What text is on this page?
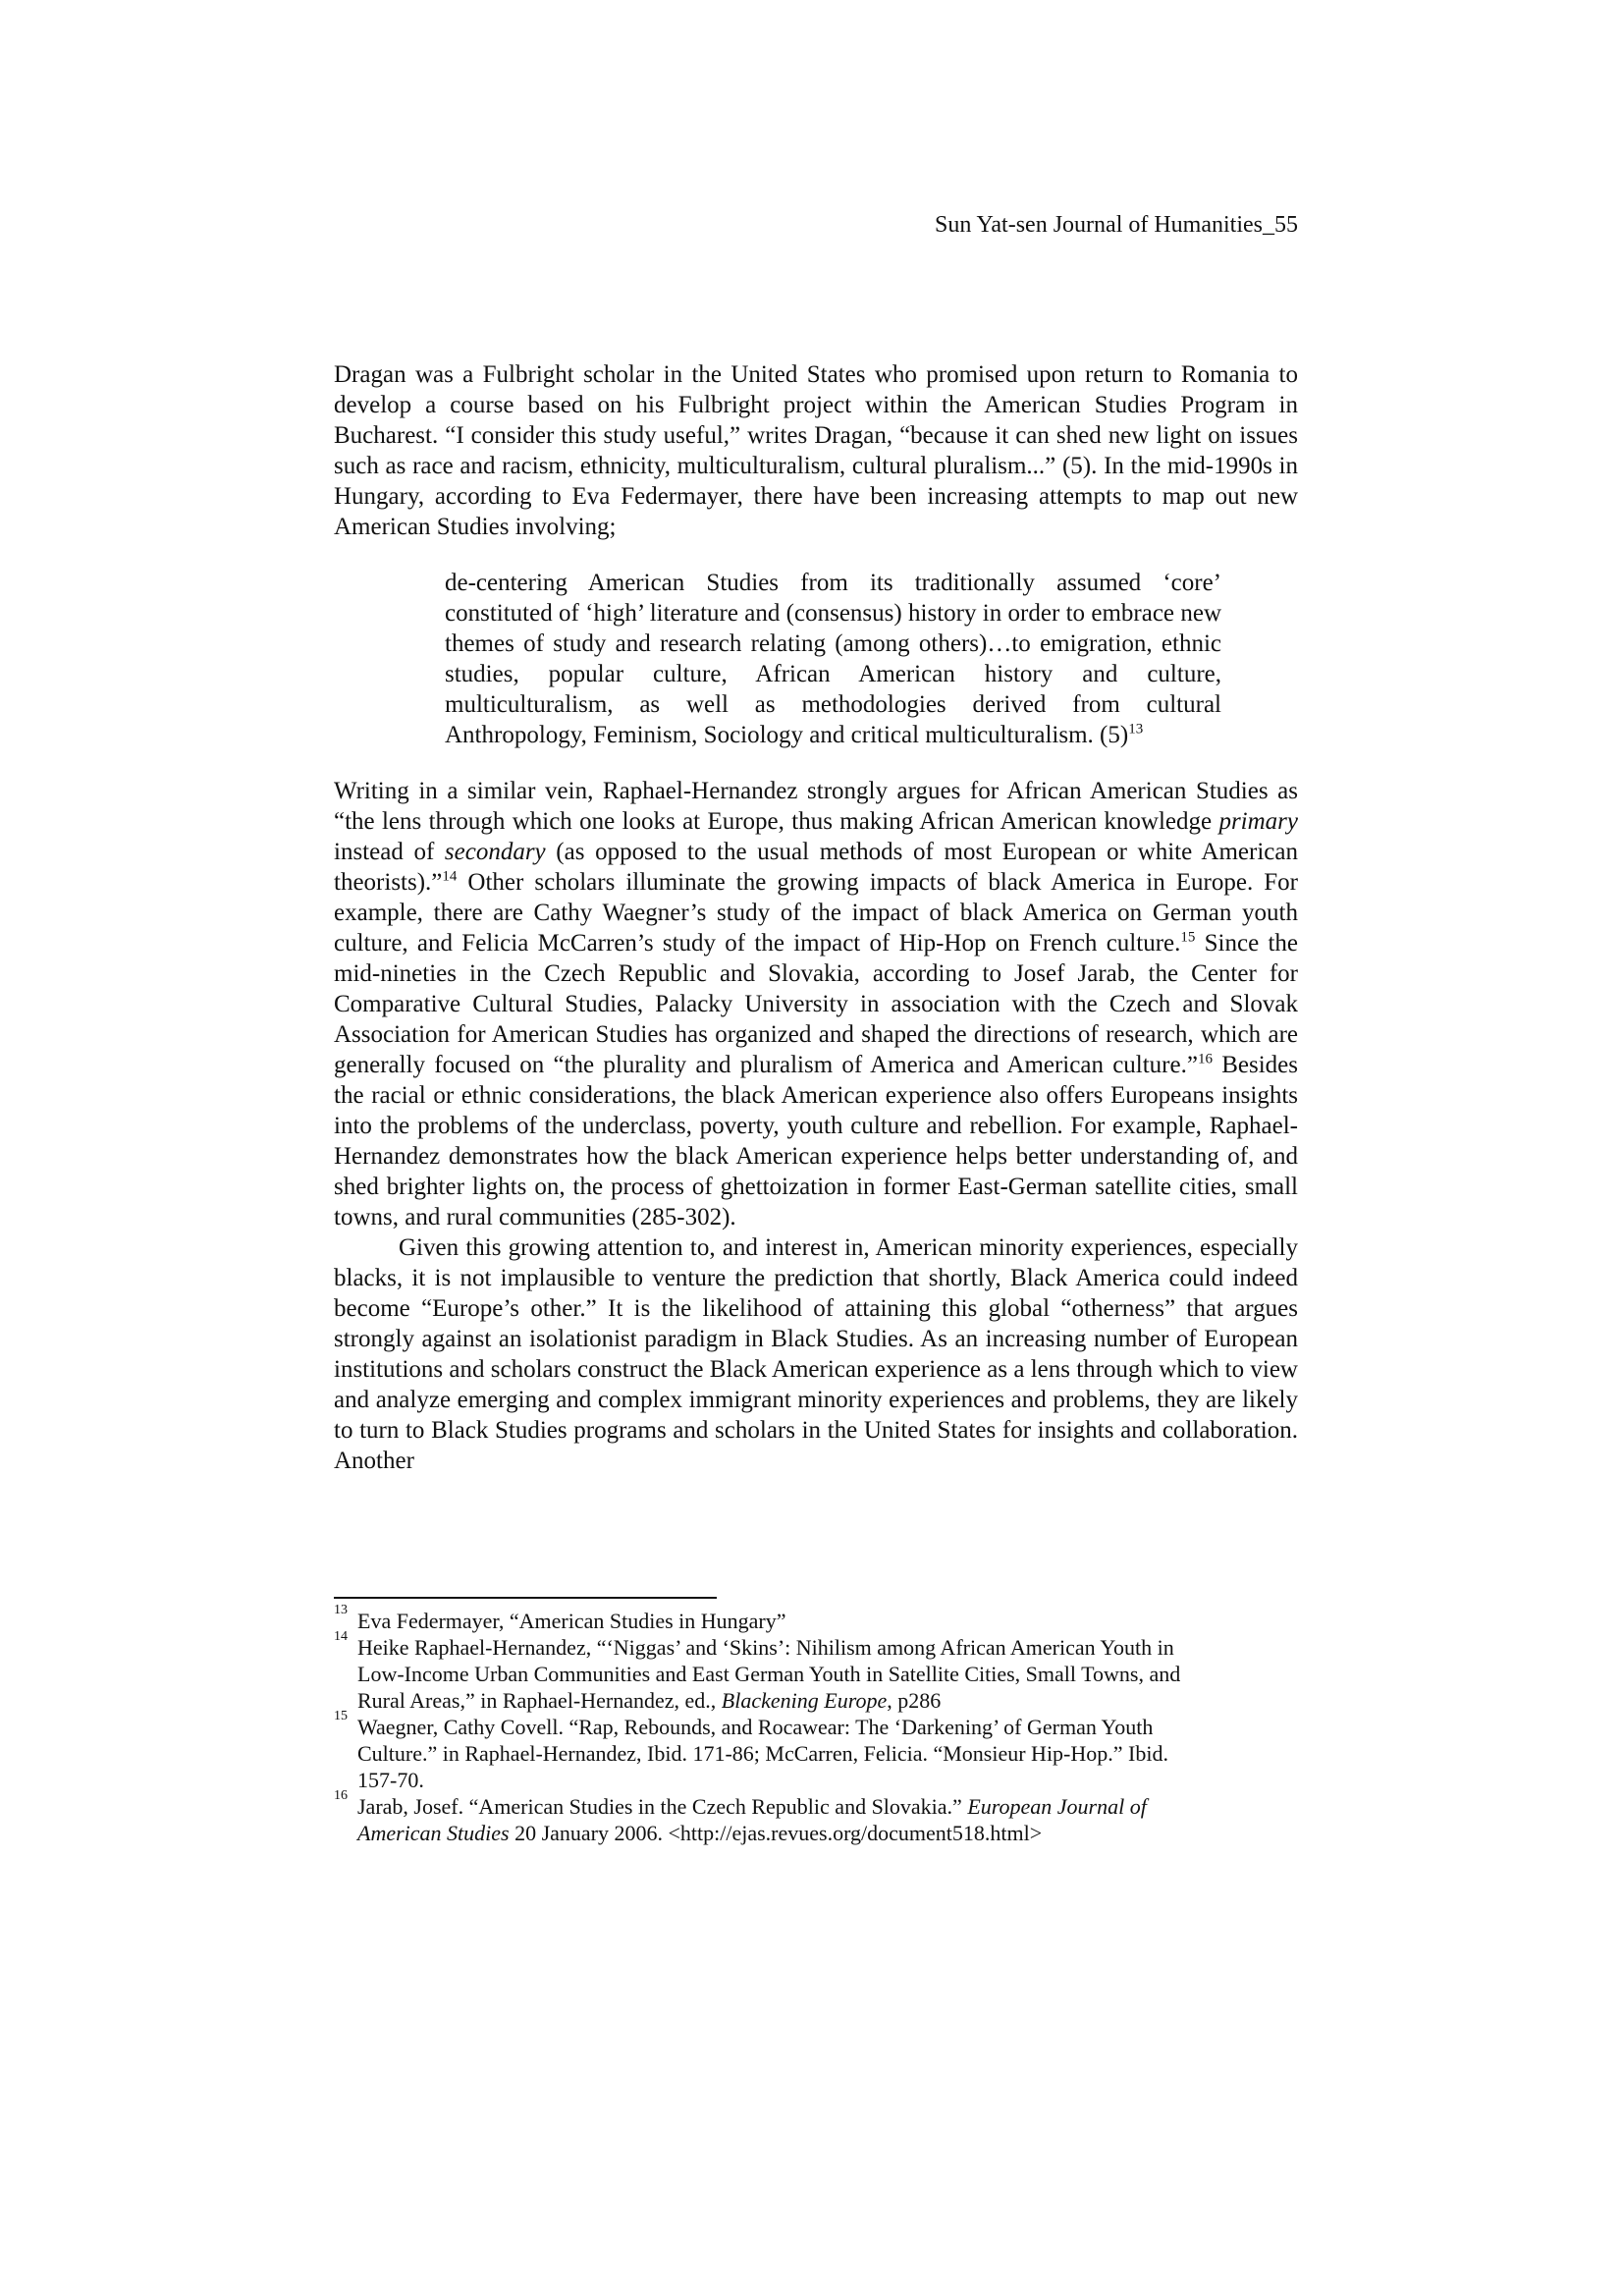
Sun Yat-sen Journal of Humanities_55

Dragan was a Fulbright scholar in the United States who promised upon return to Romania to develop a course based on his Fulbright project within the American Studies Program in Bucharest. “I consider this study useful,” writes Dragan, “because it can shed new light on issues such as race and racism, ethnicity, multiculturalism, cultural pluralism...” (5). In the mid-1990s in Hungary, according to Eva Federmayer, there have been increasing attempts to map out new American Studies involving;

de-centering American Studies from its traditionally assumed ‘core’ constituted of ‘high’ literature and (consensus) history in order to embrace new themes of study and research relating (among others)…to emigration, ethnic studies, popular culture, African American history and culture, multiculturalism, as well as methodologies derived from cultural Anthropology, Feminism, Sociology and critical multiculturalism. $(5)^{13}$

Writing in a similar vein, Raphael-Hernandez strongly argues for African American Studies as “the lens through which one looks at Europe, thus making African American knowledge primary instead of secondary (as opposed to the usual methods of most European or white American theorists).”$^{14}$ Other scholars illuminate the growing impacts of black America in Europe. For example, there are Cathy Waegner’s study of the impact of black America on German youth culture, and Felicia McCarren’s study of the impact of Hip-Hop on French culture.$^{15}$ Since the mid-nineties in the Czech Republic and Slovakia, according to Josef Jarab, the Center for Comparative Cultural Studies, Palacky University in association with the Czech and Slovak Association for American Studies has organized and shaped the directions of research, which are generally focused on “the plurality and pluralism of America and American culture.”$^{16}$ Besides the racial or ethnic considerations, the black American experience also offers Europeans insights into the problems of the underclass, poverty, youth culture and rebellion. For example, Raphael-Hernandez demonstrates how the black American experience helps better understanding of, and shed brighter lights on, the process of ghettoization in former East-German satellite cities, small towns, and rural communities (285-302).

Given this growing attention to, and interest in, American minority experiences, especially blacks, it is not implausible to venture the prediction that shortly, Black America could indeed become “Europe’s other.” It is the likelihood of attaining this global “otherness” that argues strongly against an isolationist paradigm in Black Studies. As an increasing number of European institutions and scholars construct the Black American experience as a lens through which to view and analyze emerging and complex immigrant minority experiences and problems, they are likely to turn to Black Studies programs and scholars in the United States for insights and collaboration. Another

13 Eva Federmayer, “American Studies in Hungary”

14 Heike Raphael-Hernandez, “‘Niggas’ and ‘Skins’: Nihilism among African American Youth in
Low-Income Urban Communities and East German Youth in Satellite Cities, Small Towns, and
Rural Areas,” in Raphael-Hernandez, ed., Blackening Europe, p286

15 Waegner, Cathy Covell. “Rap, Rebounds, and Rocawear: The ‘Darkening’ of German Youth
Culture.” in Raphael-Hernandez, Ibid. 171-86; McCarren, Felicia. “Monsieur Hip-Hop.” Ibid.
157-70.

16 Jarab, Josef. “American Studies in the Czech Republic and Slovakia.” European Journal of
American Studies 20 January 2006. <http://ejas.revues.org/document518.html>
